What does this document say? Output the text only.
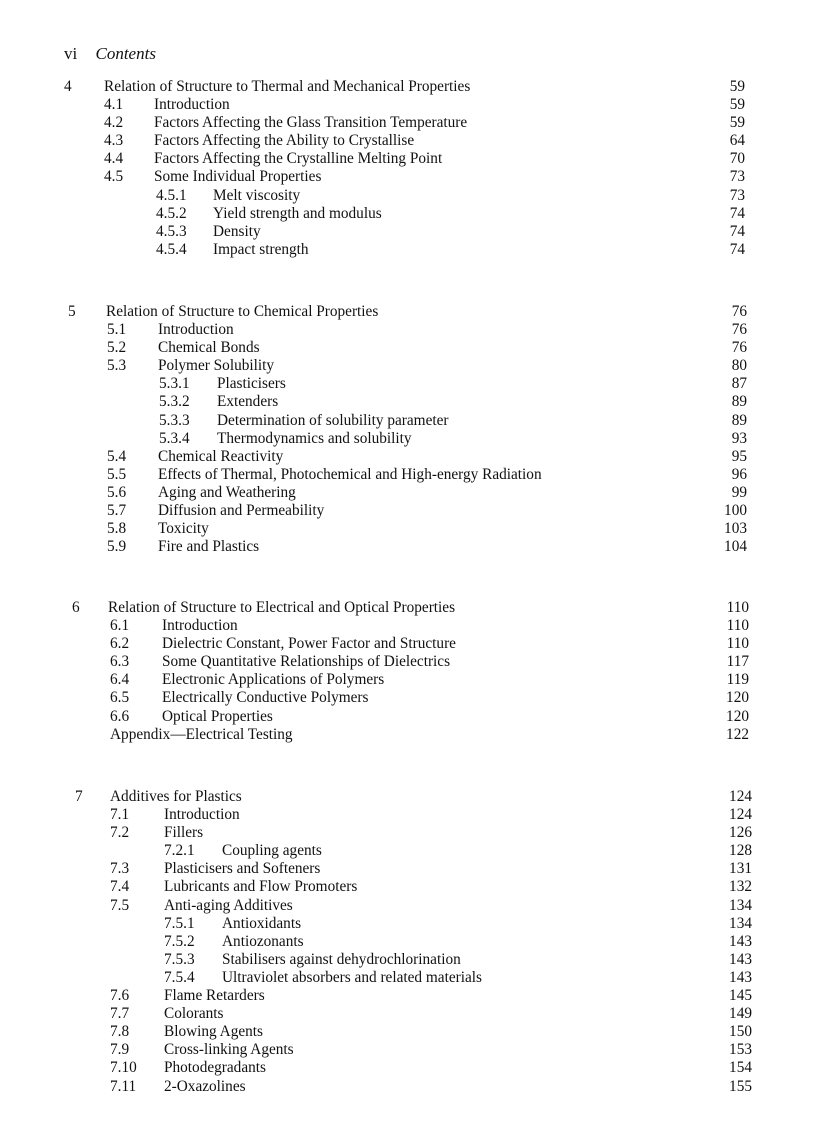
vi Contents
4 Relation of Structure to Thermal and Mechanical Properties	59
4.1 Introduction	59
4.2 Factors Affecting the Glass Transition Temperature	59
4.3 Factors Affecting the Ability to Crystallise	64
4.4 Factors Affecting the Crystalline Melting Point	70
4.5 Some Individual Properties	73
4.5.1 Melt viscosity	73
4.5.2 Yield strength and modulus	74
4.5.3 Density	74
4.5.4 Impact strength	74
5 Relation of Structure to Chemical Properties	76
5.1 Introduction	76
5.2 Chemical Bonds	76
5.3 Polymer Solubility	80
5.3.1 Plasticisers	87
5.3.2 Extenders	89
5.3.3 Determination of solubility parameter	89
5.3.4 Thermodynamics and solubility	93
5.4 Chemical Reactivity	95
5.5 Effects of Thermal, Photochemical and High-energy Radiation	96
5.6 Aging and Weathering	99
5.7 Diffusion and Permeability	100
5.8 Toxicity	103
5.9 Fire and Plastics	104
6 Relation of Structure to Electrical and Optical Properties	110
6.1 Introduction	110
6.2 Dielectric Constant, Power Factor and Structure	110
6.3 Some Quantitative Relationships of Dielectrics	117
6.4 Electronic Applications of Polymers	119
6.5 Electrically Conductive Polymers	120
6.6 Optical Properties	120
Appendix—Electrical Testing	122
7 Additives for Plastics	124
7.1 Introduction	124
7.2 Fillers	126
7.2.1 Coupling agents	128
7.3 Plasticisers and Softeners	131
7.4 Lubricants and Flow Promoters	132
7.5 Anti-aging Additives	134
7.5.1 Antioxidants	134
7.5.2 Antiozonants	143
7.5.3 Stabilisers against dehydrochlorination	143
7.5.4 Ultraviolet absorbers and related materials	143
7.6 Flame Retarders	145
7.7 Colorants	149
7.8 Blowing Agents	150
7.9 Cross-linking Agents	153
7.10 Photodegradants	154
7.11 2-Oxazolines	155
